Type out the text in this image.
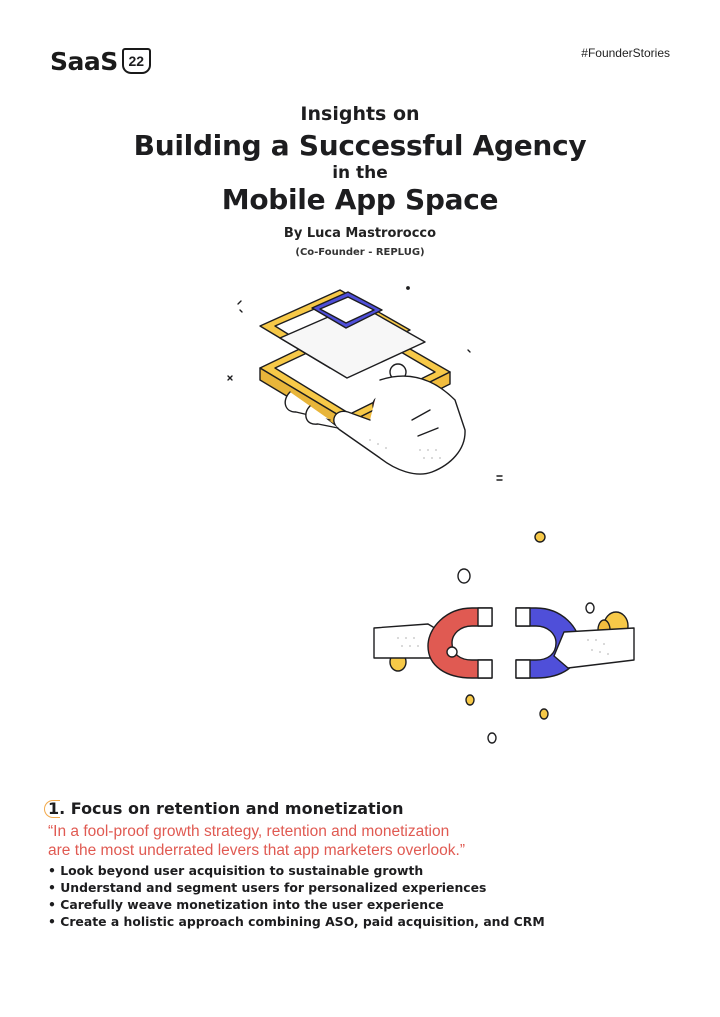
SaaS 22	#FounderStories
Insights on
Building a Successful Agency
in the
Mobile App Space
By Luca Mastrorocco
(Co-Founder - REPLUG)
1. Focus on retention and monetization
“In a fool-proof growth strategy, retention and monetization
are the most underrated levers that app marketers overlook.”
• Look beyond user acquisition to sustainable growth
• Understand and segment users for personalized experiences
• Carefully weave monetization into the user experience
• Create a holistic approach combining ASO, paid acquisition, and CRM
